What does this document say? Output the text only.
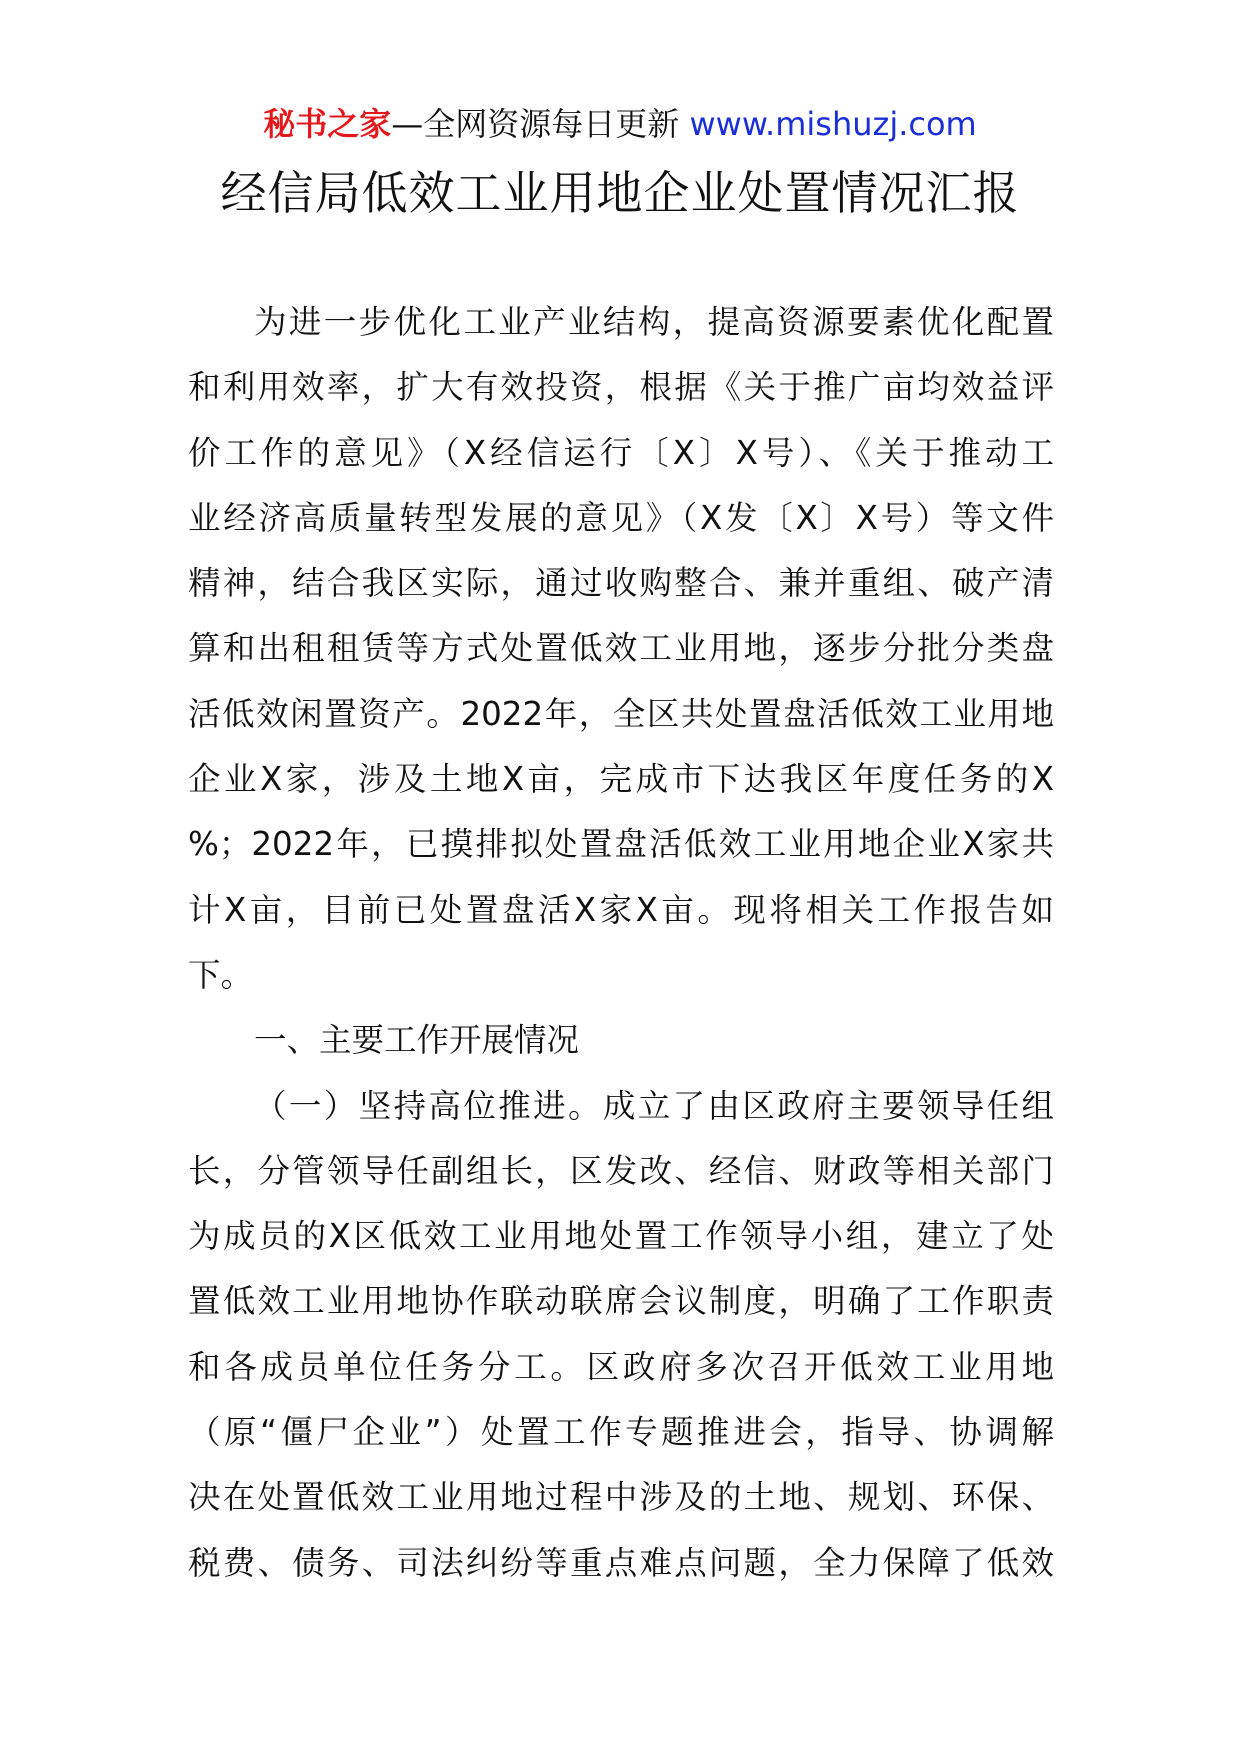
秘书之家—全网资源每日更新 www.mishuzj.com
经信局低效工业用地企业处置情况汇报
为进一步优化工业产业结构，提高资源要素优化配置
和利用效率，扩大有效投资，根据《关于推广亩均效益评
价工作的意见》（X经信运行〔X〕X号）、《关于推动工
业经济高质量转型发展的意见》（X发〔X〕X号）等文件
精神，结合我区实际，通过收购整合、兼并重组、破产清
算和出租租赁等方式处置低效工业用地，逐步分批分类盘
活低效闲置资产。2022年，全区共处置盘活低效工业用地
企业X家，涉及土地X亩，完成市下达我区年度任务的X
%；2022年，已摸排拟处置盘活低效工业用地企业X家共
计X亩，目前已处置盘活X家X亩。现将相关工作报告如
下。
一、主要工作开展情况
（一）坚持高位推进。成立了由区政府主要领导任组
长，分管领导任副组长，区发改、经信、财政等相关部门
为成员的X区低效工业用地处置工作领导小组，建立了处
置低效工业用地协作联动联席会议制度，明确了工作职责
和各成员单位任务分工。区政府多次召开低效工业用地
（原“僵尸企业”）处置工作专题推进会，指导、协调解
决在处置低效工业用地过程中涉及的土地、规划、环保、
税费、债务、司法纠纷等重点难点问题，全力保障了低效
